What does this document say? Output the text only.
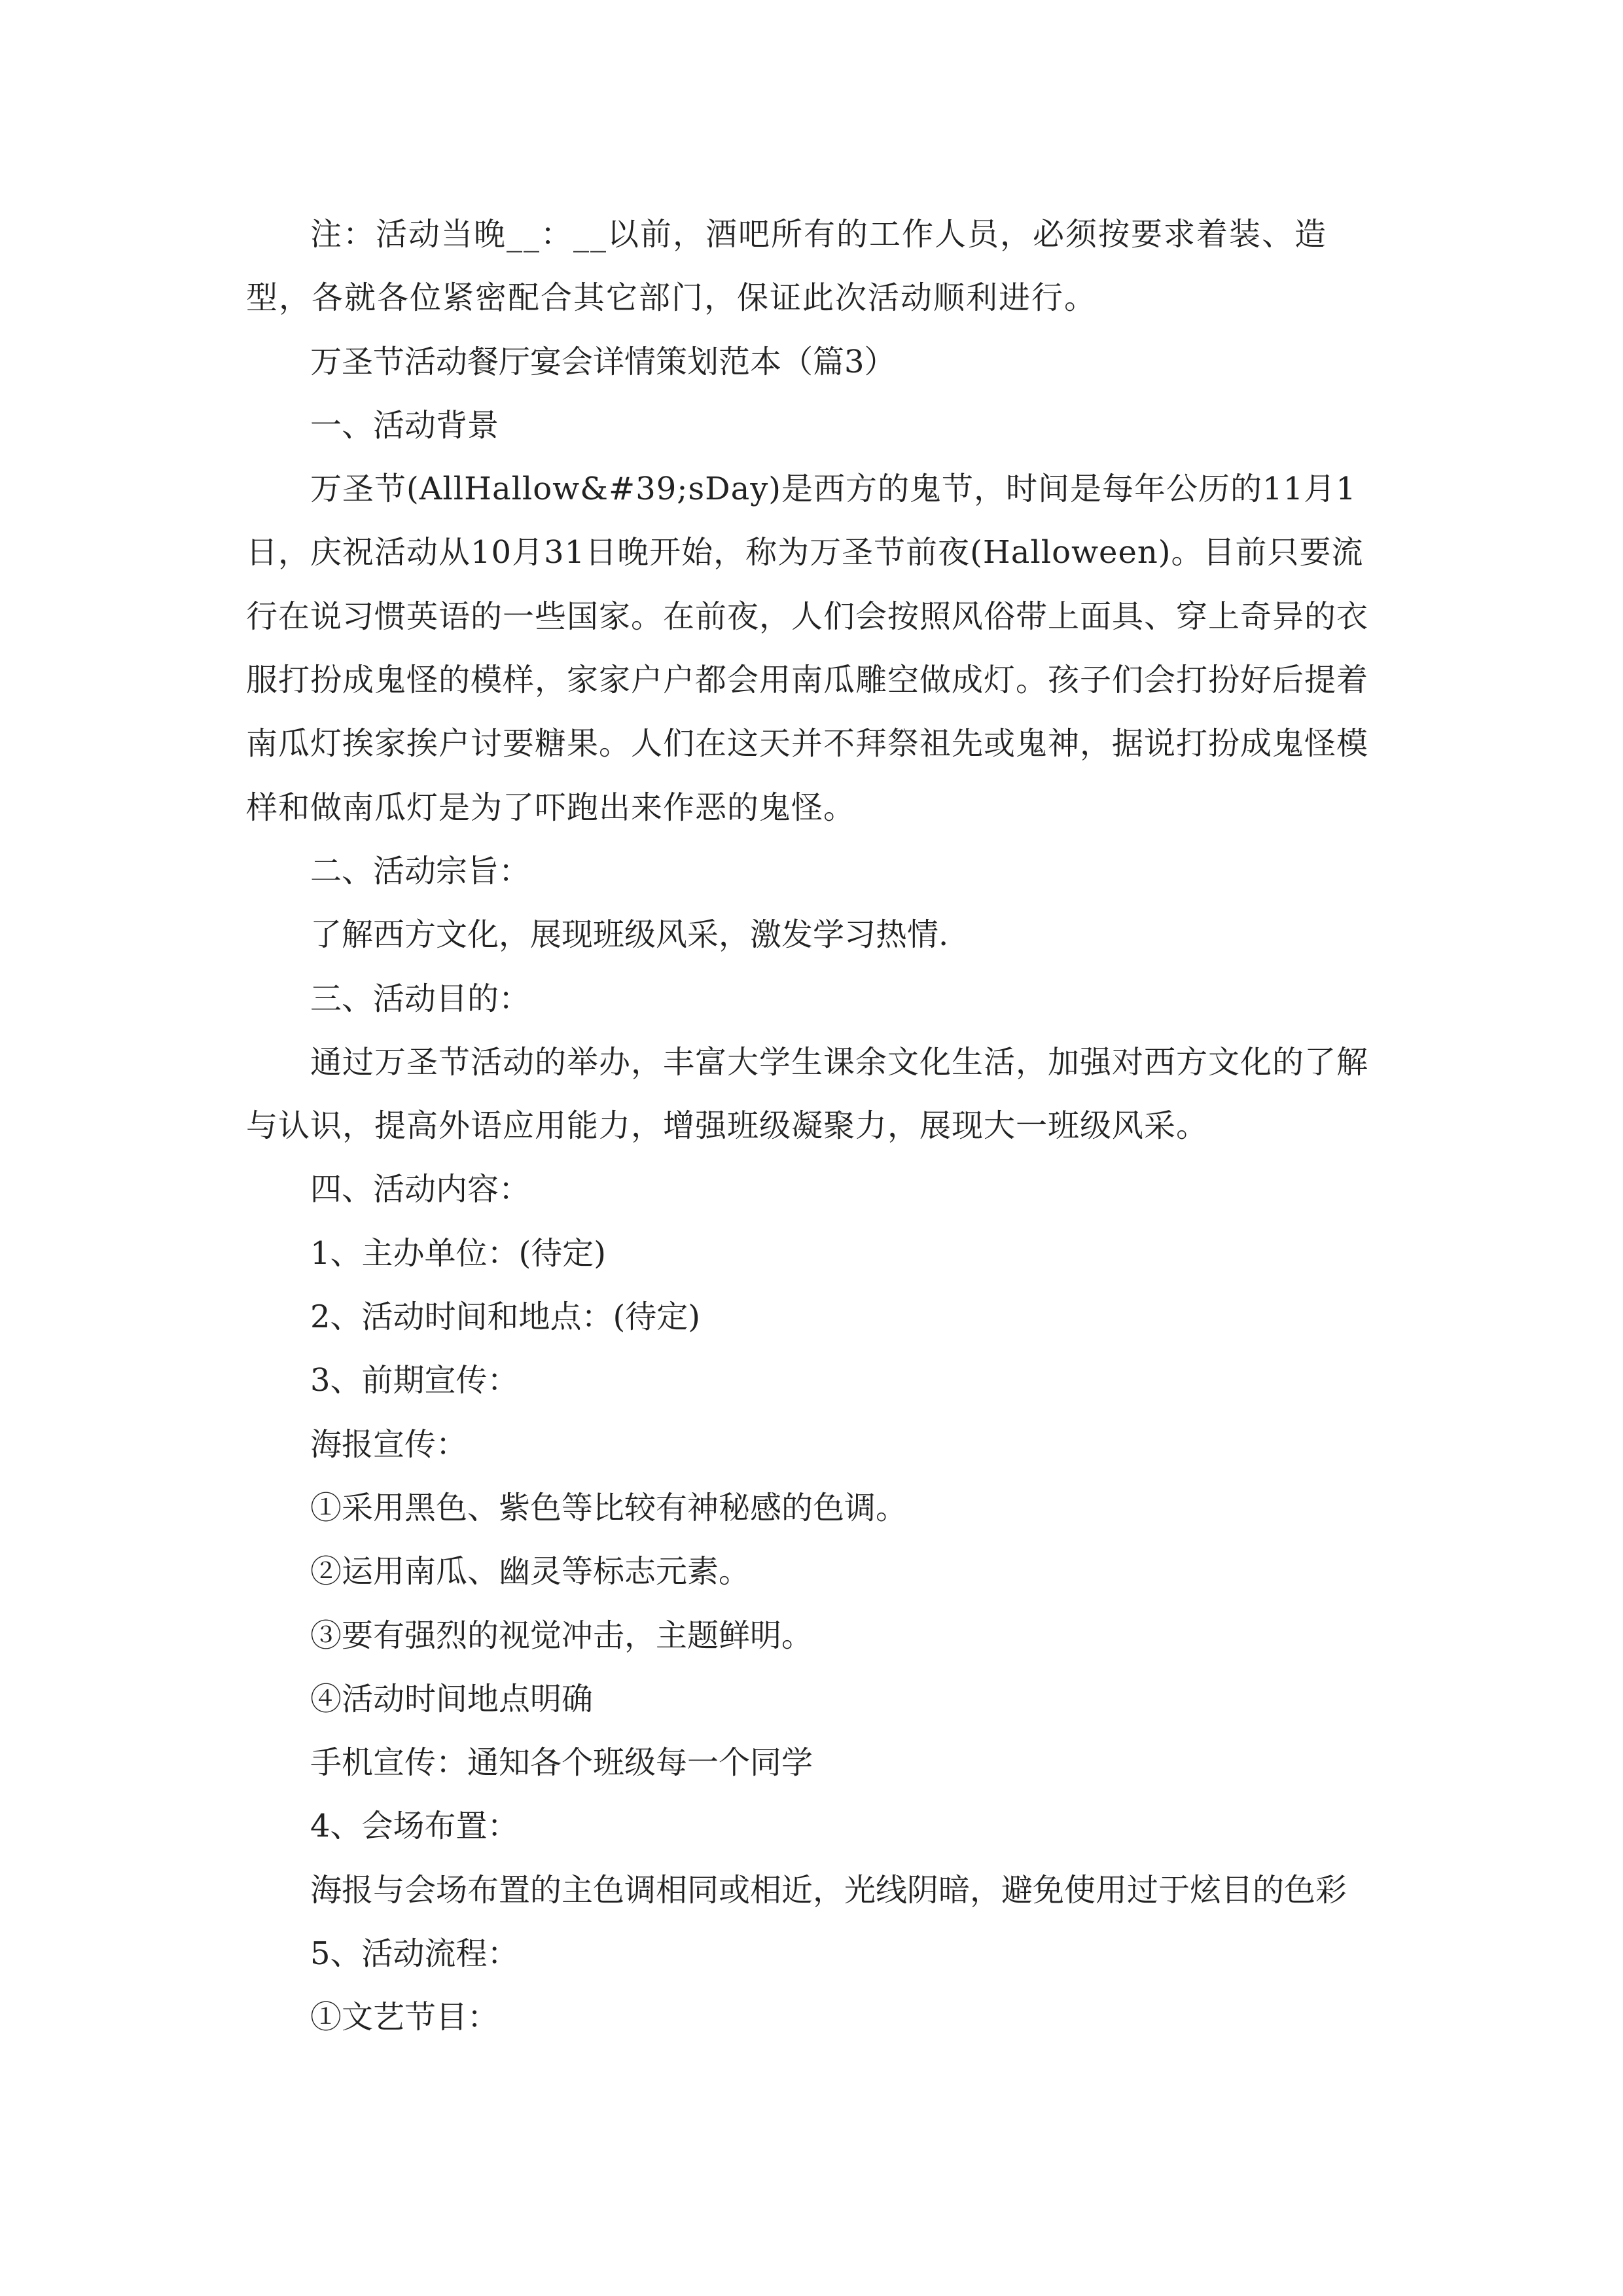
注：活动当晚__：__以前，酒吧所有的工作人员，必须按要求着装、造型，各就各位紧密配合其它部门，保证此次活动顺利进行。

万圣节活动餐厅宴会详情策划范本（篇3）

一、活动背景

万圣节(AllHallow&#39;sDay)是西方的鬼节，时间是每年公历的11月1日，庆祝活动从10月31日晚开始，称为万圣节前夜(Halloween)。目前只要流行在说习惯英语的一些国家。在前夜，人们会按照风俗带上面具、穿上奇异的衣服打扮成鬼怪的模样，家家户户都会用南瓜雕空做成灯。孩子们会打扮好后提着南瓜灯挨家挨户讨要糖果。人们在这天并不拜祭祖先或鬼神，据说打扮成鬼怪模样和做南瓜灯是为了吓跑出来作恶的鬼怪。

二、活动宗旨：

了解西方文化，展现班级风采，激发学习热情.

三、活动目的：

通过万圣节活动的举办，丰富大学生课余文化生活，加强对西方文化的了解与认识，提高外语应用能力，增强班级凝聚力，展现大一班级风采。

四、活动内容：

1、主办单位：(待定)

2、活动时间和地点：(待定)

3、前期宣传：

海报宣传：

①采用黑色、紫色等比较有神秘感的色调。

②运用南瓜、幽灵等标志元素。

③要有强烈的视觉冲击，主题鲜明。

④活动时间地点明确

手机宣传：通知各个班级每一个同学

4、会场布置：

海报与会场布置的主色调相同或相近，光线阴暗，避免使用过于炫目的色彩

5、活动流程：

①文艺节目：
